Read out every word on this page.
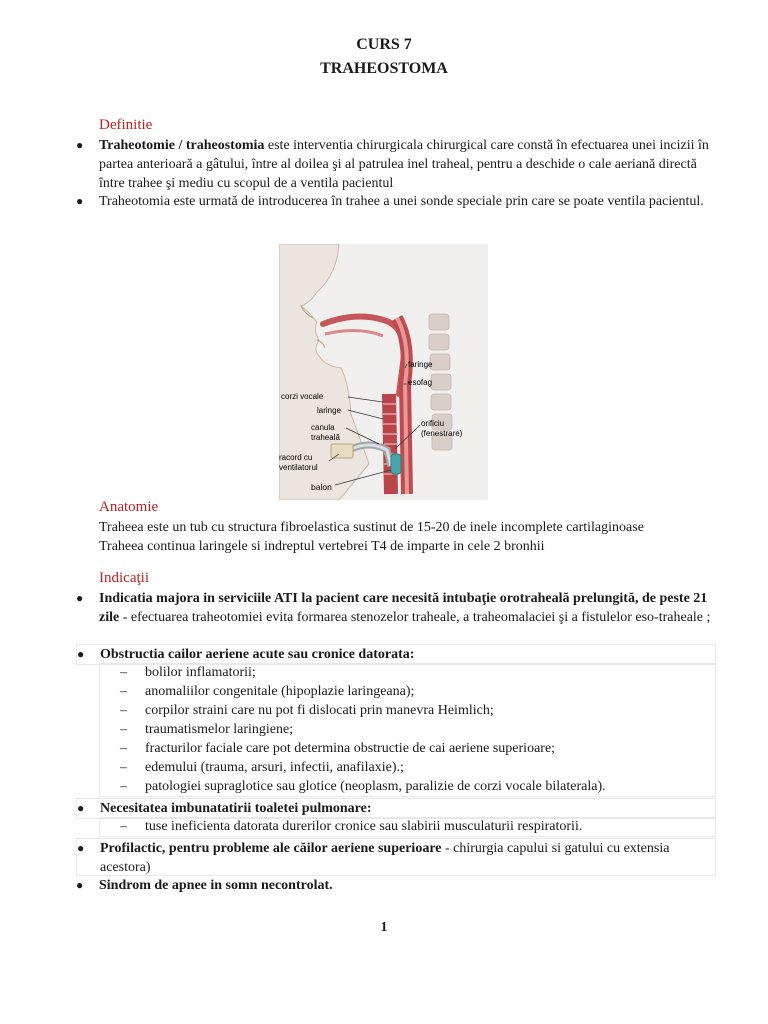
CURS 7
TRAHEOSTOMA
Definitie
● Traheotomie / traheostomia este interventia chirurgicala chirurgical care constă în efectuarea unei incizii în partea anterioară a gâtului, între al doilea şi al patrulea inel traheal, pentru a deschide o cale aeriană directă între trahee şi mediu cu scopul de a ventila pacientul
● Traheotomia este urmată de introducerea în trahee a unei sonde speciale prin care se poate ventila pacientul.
faringe
esofag
corzi vocale
laringe
canula
traheală
orificiu
(fenestrare)
racord cu
ventilatorul
balon
Anatomie
Traheea este un tub cu structura fibroelastica sustinut de 15-20 de inele incomplete cartilaginoase
Traheea continua laringele si indreptul vertebrei T4 de imparte in cele 2 bronhii
Indicaţii
● Indicatia majora in serviciile ATI la pacient care necesită intubaţie orotraheală prelungită, de peste 21 zile - efectuarea traheotomiei evita formarea stenozelor traheale, a traheomalaciei şi a fistulelor eso-traheale ;
● Obstructia cailor aeriene acute sau cronice datorata:
– bolilor inflamatorii;
– anomaliilor congenitale (hipoplazie laringeana);
– corpilor straini care nu pot fi dislocati prin manevra Heimlich;
– traumatismelor laringiene;
– fracturilor faciale care pot determina obstructie de cai aeriene superioare;
– edemului (trauma, arsuri, infectii, anafilaxie).;
– patologiei supraglotice sau glotice (neoplasm, paralizie de corzi vocale bilaterala).
● Necesitatea imbunatatirii toaletei pulmonare:
– tuse ineficienta datorata durerilor cronice sau slabirii musculaturii respiratorii.
● Profilactic, pentru probleme ale căilor aeriene superioare - chirurgia capului si gatului cu extensia acestora)
● Sindrom de apnee in somn necontrolat.
1
